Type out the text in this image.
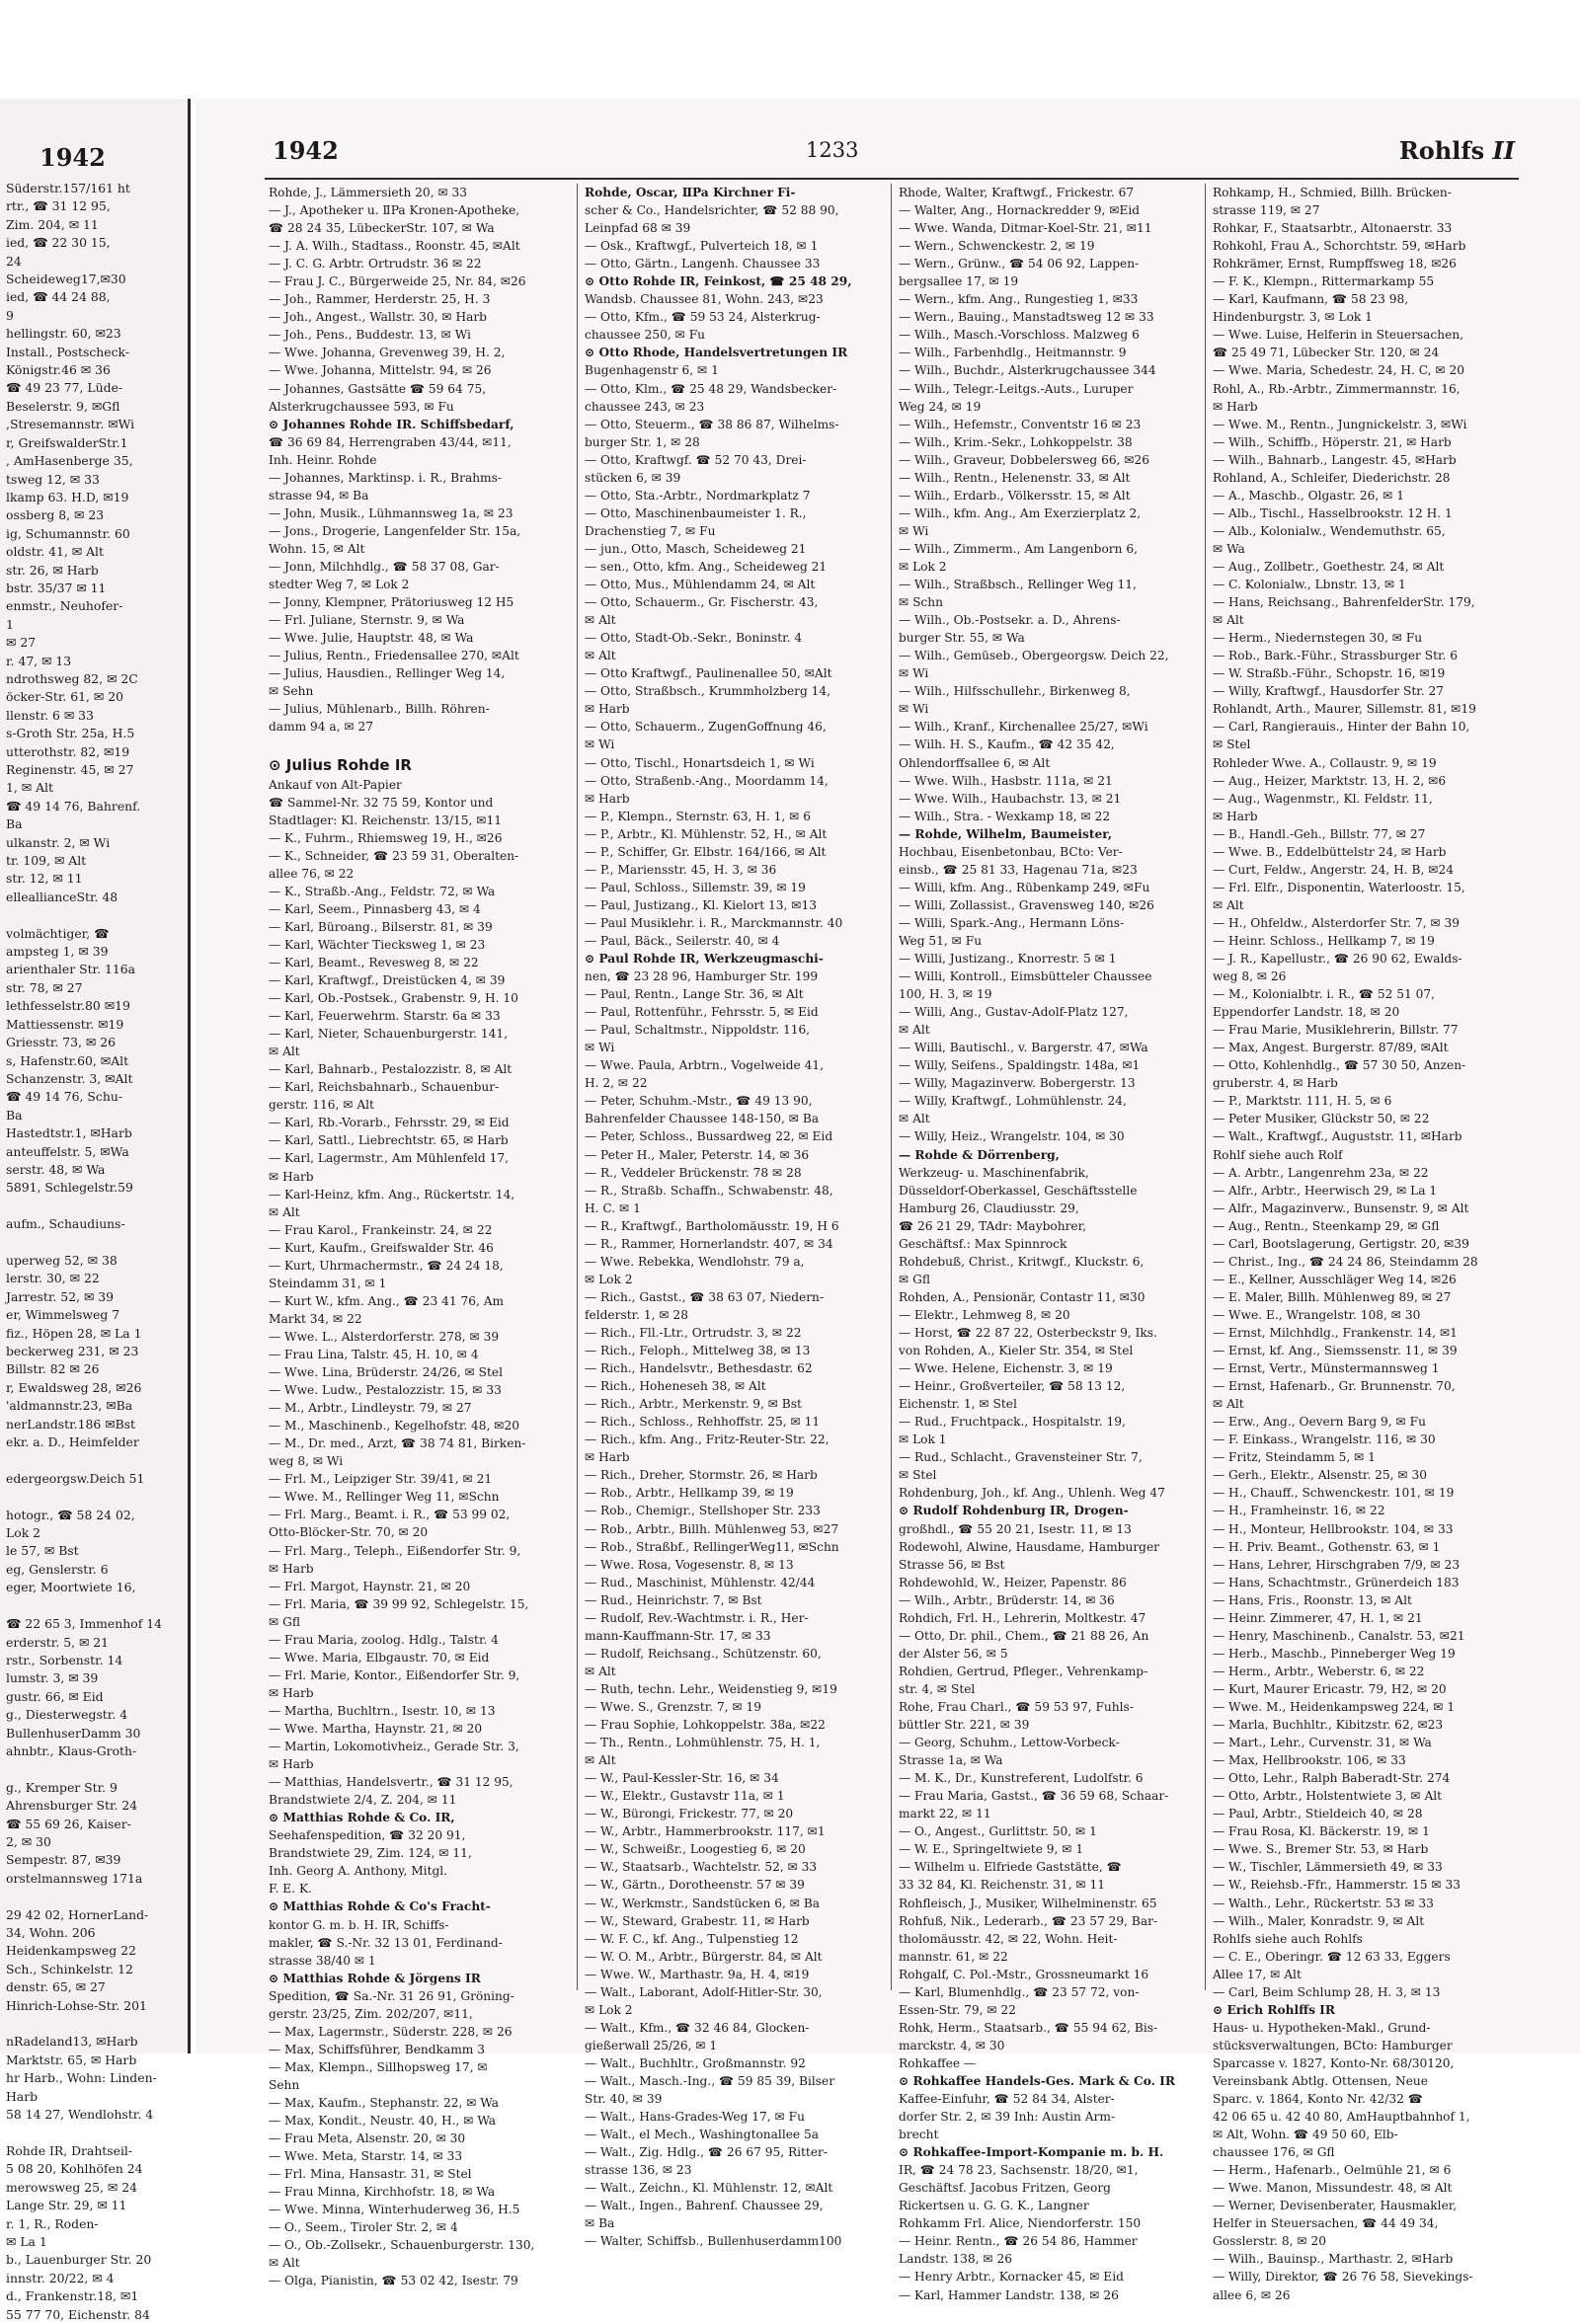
1942
Süderstr.157/161 ht
rtr., ☎ 31 12 95,
Zim. 204, ✉ 11
ied, ☎ 22 30 15,
24
Scheideweg17,✉30
ied, ☎ 44 24 88,
9
hellingstr. 60, ✉23
Install., Postscheck-
Königstr.46 ✉ 36
☎ 49 23 77, Lüde-
Beselerstr. 9, ✉Gfl
,Stresemannstr. ✉Wi
r, GreifswalderStr.1
, AmHasenberge 35,
tsweg 12, ✉ 33
lkamp 63. H.D, ✉19
ossberg 8, ✉ 23
ig, Schumannstr. 60
oldstr. 41, ✉ Alt
str. 26, ✉ Harb
bstr. 35/37 ✉ 11
enmstr., Neuhofer-
1
✉ 27
r. 47, ✉ 13
ndrothsweg 82, ✉ 2C
öcker-Str. 61, ✉ 20
llenstr. 6 ✉ 33
s-Groth Str. 25a, H.5
utterothstr. 82, ✉19
Reginenstr. 45, ✉ 27
1, ✉ Alt
☎ 49 14 76, Bahrenf.
Ba
ulkanstr. 2, ✉ Wi
tr. 109, ✉ Alt
str. 12, ✉ 11
elleallianceStr. 48

volmächtiger, ☎
ampsteg 1, ✉ 39
arienthaler Str. 116a
str. 78, ✉ 27
lethfesselstr.80 ✉19
Mattiessenstr. ✉19
Griesstr. 73, ✉ 26
s, Hafenstr.60, ✉Alt
Schanzenstr. 3, ✉Alt
☎ 49 14 76, Schu-
Ba
Hastedtstr.1, ✉Harb
anteuffelstr. 5, ✉Wa
serstr. 48, ✉ Wa
5891, Schlegelstr.59

aufm., Schaudiuns-

uperweg 52, ✉ 38
lerstr. 30, ✉ 22
Jarrestr. 52, ✉ 39
er, Wimmelsweg 7
fiz., Höpen 28, ✉ La 1
beckerweg 231, ✉ 23
Billstr. 82 ✉ 26
r, Ewaldsweg 28, ✉26
'aldmannstr.23, ✉Ba
nerLandstr.186 ✉Bst
ekr. a. D., Heimfelder

edergeorgsw.Deich 51

hotogr., ☎ 58 24 02,
Lok 2
le 57, ✉ Bst
eg, Genslerstr. 6
eger, Moortwiete 16,

☎ 22 65 3, Immenhof 14
erderstr. 5, ✉ 21
rstr., Sorbenstr. 14
lumstr. 3, ✉ 39
gustr. 66, ✉ Eid
g., Diesterwegstr. 4
BullenhuserDamm 30
ahnbtr., Klaus-Groth-

g., Kremper Str. 9
Ahrensburger Str. 24
☎ 55 69 26, Kaiser-
2, ✉ 30
Sempestr. 87, ✉39
orstelmannsweg 171a

29 42 02, HornerLand-
34, Wohn. 206
Heidenkampsweg 22
Sch., Schinkelstr. 12
denstr. 65, ✉ 27
Hinrich-Lohse-Str. 201

nRadeland13, ✉Harb
Marktstr. 65, ✉ Harb
hr Harb., Wohn: Linden-
Harb
58 14 27, Wendlohstr. 4

Rohde IR, Drahtseil-
5 08 20, Kohlhöfen 24
merowsweg 25, ✉ 24
Lange Str. 29, ✉ 11
r. 1, R., Roden-
✉ La 1
b., Lauenburger Str. 20
innstr. 20/22, ✉ 4
d., Frankenstr.18, ✉1
55 77 70, Eichenstr. 84
1942	1233	Rohlfs II
Rohde, J., Lämmersieth 20, ✉ 33
— J., Apotheker u. ⅡPa Kronen-Apotheke,
☎ 28 24 35, LübeckerStr. 107, ✉ Wa
— J. A. Wilh., Stadtass., Roonstr. 45, ✉Alt
— J. C. G. Arbtr. Ortrudstr. 36 ✉ 22
— Frau J. C., Bürgerweide 25, Nr. 84, ✉26
— Joh., Rammer, Herderstr. 25, H. 3
— Joh., Angest., Wallstr. 30, ✉ Harb
— Joh., Pens., Buddestr. 13, ✉ Wi
— Wwe. Johanna, Grevenweg 39, H. 2,
— Wwe. Johanna, Mittelstr. 94, ✉ 26
— Johannes, Gastsätte ☎ 59 64 75,
Alsterkrugchaussee 593, ✉ Fu
⊙ Johannes Rohde IR. Schiffsbedarf,
☎ 36 69 84, Herrengraben 43/44, ✉11,
Inh. Heinr. Rohde
— Johannes, Marktinsp. i. R., Brahms-
strasse 94, ✉ Ba
— John, Musik., Lühmannsweg 1a, ✉ 23
— Jons., Drogerie, Langenfelder Str. 15a,
Wohn. 15, ✉ Alt
— Jonn, Milchhdlg., ☎ 58 37 08, Gar-
stedter Weg 7, ✉ Lok 2
— Jonny, Klempner, Prätoriusweg 12 H5
— Frl. Juliane, Sternstr. 9, ✉ Wa
— Wwe. Julie, Hauptstr. 48, ✉ Wa
— Julius, Rentn., Friedensallee 270, ✉Alt
— Julius, Hausdien., Rellinger Weg 14,
✉ Sehn
— Julius, Mühlenarb., Billh. Röhren-
damm 94 a, ✉ 27

⊙ Julius Rohde IR
Ankauf von Alt-Papier
☎ Sammel-Nr. 32 75 59, Kontor und
Stadtlager: Kl. Reichenstr. 13/15, ✉11
— K., Fuhrm., Rhiemsweg 19, H., ✉26
— K., Schneider, ☎ 23 59 31, Oberalten-
allee 76, ✉ 22
— K., Straßb.-Ang., Feldstr. 72, ✉ Wa
— Karl, Seem., Pinnasberg 43, ✉ 4
— Karl, Büroang., Bilserstr. 81, ✉ 39
— Karl, Wächter Tiecksweg 1, ✉ 23
— Karl, Beamt., Revesweg 8, ✉ 22
— Karl, Kraftwgf., Dreistücken 4, ✉ 39
— Karl, Ob.-Postsek., Grabenstr. 9, H. 10
— Karl, Feuerwehrm. Starstr. 6a ✉ 33
— Karl, Nieter, Schauenburgerstr. 141,
✉ Alt
— Karl, Bahnarb., Pestalozzistr. 8, ✉ Alt
— Karl, Reichsbahnarb., Schauenbur-
gerstr. 116, ✉ Alt
— Karl, Rb.-Vorarb., Fehrsstr. 29, ✉ Eid
— Karl, Sattl., Liebrechtstr. 65, ✉ Harb
— Karl, Lagermstr., Am Mühlenfeld 17,
✉ Harb
— Karl-Heinz, kfm. Ang., Rückertstr. 14,
✉ Alt
— Frau Karol., Frankeinstr. 24, ✉ 22
— Kurt, Kaufm., Greifswalder Str. 46
— Kurt, Uhrmachermstr., ☎ 24 24 18,
Steindamm 31, ✉ 1
— Kurt W., kfm. Ang., ☎ 23 41 76, Am
Markt 34, ✉ 22
— Wwe. L., Alsterdorferstr. 278, ✉ 39
— Frau Lina, Talstr. 45, H. 10, ✉ 4
— Wwe. Lina, Brüderstr. 24/26, ✉ Stel
— Wwe. Ludw., Pestalozzistr. 15, ✉ 33
— M., Arbtr., Lindleystr. 79, ✉ 27
— M., Maschinenb., Kegelhofstr. 48, ✉20
— M., Dr. med., Arzt, ☎ 38 74 81, Birken-
weg 8, ✉ Wi
— Frl. M., Leipziger Str. 39/41, ✉ 21
— Wwe. M., Rellinger Weg 11, ✉Schn
— Frl. Marg., Beamt. i. R., ☎ 53 99 02,
Otto-Blöcker-Str. 70, ✉ 20
— Frl. Marg., Teleph., Eißendorfer Str. 9,
✉ Harb
— Frl. Margot, Haynstr. 21, ✉ 20
— Frl. Maria, ☎ 39 99 92, Schlegelstr. 15,
✉ Gfl
— Frau Maria, zoolog. Hdlg., Talstr. 4
— Wwe. Maria, Elbgaustr. 70, ✉ Eid
— Frl. Marie, Kontor., Eißendorfer Str. 9,
✉ Harb
— Martha, Buchltrn., Isestr. 10, ✉ 13
— Wwe. Martha, Haynstr. 21, ✉ 20
— Martin, Lokomotivheiz., Gerade Str. 3,
✉ Harb
— Matthias, Handelsvertr., ☎ 31 12 95,
Brandstwiete 2/4, Z. 204, ✉ 11
⊙ Matthias Rohde & Co. IR,
Seehafenspedition, ☎ 32 20 91,
Brandstwiete 29, Zim. 124, ✉ 11,
Inh. Georg A. Anthony, Mitgl.
F. E. K.
⊙ Matthias Rohde & Co's Fracht-
kontor G. m. b. H. IR, Schiffs-
makler, ☎ S.-Nr. 32 13 01, Ferdinand-
strasse 38/40 ✉ 1
⊙ Matthias Rohde & Jörgens IR
Spedition, ☎ Sa.-Nr. 31 26 91, Gröning-
gerstr. 23/25, Zim. 202/207, ✉11,
— Max, Lagermstr., Süderstr. 228, ✉ 26
— Max, Schiffsführer, Bendkamm 3
— Max, Klempn., Sillhopsweg 17, ✉
Sehn
— Max, Kaufm., Stephanstr. 22, ✉ Wa
— Max, Kondit., Neustr. 40, H., ✉ Wa
— Frau Meta, Alsenstr. 20, ✉ 30
— Wwe. Meta, Starstr. 14, ✉ 33
— Frl. Mina, Hansastr. 31, ✉ Stel
— Frau Minna, Kirchhofstr. 18, ✉ Wa
— Wwe. Minna, Winterhuderweg 36, H.5
— O., Seem., Tiroler Str. 2, ✉ 4
— O., Ob.-Zollsekr., Schauenburgerstr. 130,
✉ Alt
— Olga, Pianistin, ☎ 53 02 42, Isestr. 79
Rohde, Oscar, ⅡPa Kirchner Fi-
scher & Co., Handelsrichter, ☎ 52 88 90,
Leinpfad 68 ✉ 39
— Osk., Kraftwgf., Pulverteich 18, ✉ 1
— Otto, Gärtn., Langenh. Chaussee 33
⊙ Otto Rohde IR, Feinkost, ☎ 25 48 29,
Wandsb. Chaussee 81, Wohn. 243, ✉23
— Otto, Kfm., ☎ 59 53 24, Alsterkrug-
chaussee 250, ✉ Fu
⊙ Otto Rhode, Handelsvertretungen IR
Bugenhagenstr 6, ✉ 1
— Otto, Klm., ☎ 25 48 29, Wandsbecker-
chaussee 243, ✉ 23
— Otto, Steuerm., ☎ 38 86 87, Wilhelms-
burger Str. 1, ✉ 28
— Otto, Kraftwgf. ☎ 52 70 43, Drei-
stücken 6, ✉ 39
— Otto, Sta.-Arbtr., Nordmarkplatz 7
— Otto, Maschinenbaumeister 1. R.,
Drachenstieg 7, ✉ Fu
— jun., Otto, Masch, Scheideweg 21
— sen., Otto, kfm. Ang., Scheideweg 21
— Otto, Mus., Mühlendamm 24, ✉ Alt
— Otto, Schauerm., Gr. Fischerstr. 43,
✉ Alt
— Otto, Stadt-Ob.-Sekr., Boninstr. 4
✉ Alt
— Otto Kraftwgf., Paulinenallee 50, ✉Alt
— Otto, Straßbsch., Krummholzberg 14,
✉ Harb
— Otto, Schauerm., ZugenGoffnung 46,
✉ Wi
— Otto, Tischl., Honartsdeich 1, ✉ Wi
— Otto, Straßenb.-Ang., Moordamm 14,
✉ Harb
— P., Klempn., Sternstr. 63, H. 1, ✉ 6
— P., Arbtr., Kl. Mühlenstr. 52, H., ✉ Alt
— P., Schiffer, Gr. Elbstr. 164/166, ✉ Alt
— P., Mariensstr. 45, H. 3, ✉ 36
— Paul, Schloss., Sillemstr. 39, ✉ 19
— Paul, Justizang., Kl. Kielort 13, ✉13
— Paul Musiklehr. i. R., Marckmannstr. 40
— Paul, Bäck., Seilerstr. 40, ✉ 4
⊙ Paul Rohde IR, Werkzeugmaschi-
nen, ☎ 23 28 96, Hamburger Str. 199
— Paul, Rentn., Lange Str. 36, ✉ Alt
— Paul, Rottenführ., Fehrsstr. 5, ✉ Eid
— Paul, Schaltmstr., Nippoldstr. 116,
✉ Wi
— Wwe. Paula, Arbtrn., Vogelweide 41,
H. 2, ✉ 22
— Peter, Schuhm.-Mstr., ☎ 49 13 90,
Bahrenfelder Chaussee 148-150, ✉ Ba
— Peter, Schloss., Bussardweg 22, ✉ Eid
— Peter H., Maler, Peterstr. 14, ✉ 36
— R., Veddeler Brückenstr. 78 ✉ 28
— R., Straßb. Schaffn., Schwabenstr. 48,
H. C. ✉ 1
— R., Kraftwgf., Bartholomäusstr. 19, H 6
— R., Rammer, Hornerlandstr. 407, ✉ 34
— Wwe. Rebekka, Wendlohstr. 79 a,
✉ Lok 2
— Rich., Gastst., ☎ 38 63 07, Niedern-
felderstr. 1, ✉ 28
— Rich., Fll.-Ltr., Ortrudstr. 3, ✉ 22
— Rich., Feloph., Mittelweg 38, ✉ 13
— Rich., Handelsvtr., Bethesdastr. 62
— Rich., Hoheneseh 38, ✉ Alt
— Rich., Arbtr., Merkenstr. 9, ✉ Bst
— Rich., Schloss., Rehhoffstr. 25, ✉ 11
— Rich., kfm. Ang., Fritz-Reuter-Str. 22,
✉ Harb
— Rich., Dreher, Stormstr. 26, ✉ Harb
— Rob., Arbtr., Hellkamp 39, ✉ 19
— Rob., Chemigr., Stellshoper Str. 233
— Rob., Arbtr., Billh. Mühlenweg 53, ✉27
— Rob., Straßbf., RellingerWeg11, ✉Schn
— Wwe. Rosa, Vogesenstr. 8, ✉ 13
— Rud., Maschinist, Mühlenstr. 42/44
— Rud., Heinrichstr. 7, ✉ Bst
— Rudolf, Rev.-Wachtmstr. i. R., Her-
mann-Kauffmann-Str. 17, ✉ 33
— Rudolf, Reichsang., Schützenstr. 60,
✉ Alt
— Ruth, techn. Lehr., Weidenstieg 9, ✉19
— Wwe. S., Grenzstr. 7, ✉ 19
— Frau Sophie, Lohkoppelstr. 38a, ✉22
— Th., Rentn., Lohmühlenstr. 75, H. 1,
✉ Alt
— W., Paul-Kessler-Str. 16, ✉ 34
— W., Elektr., Gustavstr 11a, ✉ 1
— W., Bürongi, Frickestr. 77, ✉ 20
— W., Arbtr., Hammerbrookstr. 117, ✉1
— W., Schweißr., Loogestieg 6, ✉ 20
— W., Staatsarb., Wachtelstr. 52, ✉ 33
— W., Gärtn., Dorotheenstr. 57 ✉ 39
— W., Werkmstr., Sandstücken 6, ✉ Ba
— W., Steward, Grabestr. 11, ✉ Harb
— W. F. C., kf. Ang., Tulpenstieg 12
— W. O. M., Arbtr., Bürgerstr. 84, ✉ Alt
— Wwe. W., Marthastr. 9a, H. 4, ✉19
— Walt., Laborant, Adolf-Hitler-Str. 30,
✉ Lok 2
— Walt., Kfm., ☎ 32 46 84, Glocken-
gießerwall 25/26, ✉ 1
— Walt., Buchhltr., Großmannstr. 92
— Walt., Masch.-Ing., ☎ 59 85 39, Bilser
Str. 40, ✉ 39
— Walt., Hans-Grades-Weg 17, ✉ Fu
— Walt., el Mech., Washingtonallee 5a
— Walt., Zig. Hdlg., ☎ 26 67 95, Ritter-
strasse 136, ✉ 23
— Walt., Zeichn., Kl. Mühlenstr. 12, ✉Alt
— Walt., Ingen., Bahrenf. Chaussee 29,
✉ Ba
— Walter, Schiffsb., Bullenhuserdamm100
Rhode, Walter, Kraftwgf., Frickestr. 67
— Walter, Ang., Hornackredder 9, ✉Eid
— Wwe. Wanda, Ditmar-Koel-Str. 21, ✉11
— Wern., Schwenckestr. 2, ✉ 19
— Wern., Grünw., ☎ 54 06 92, Lappen-
bergsallee 17, ✉ 19
— Wern., kfm. Ang., Rungestieg 1, ✉33
— Wern., Bauing., Manstadtsweg 12 ✉ 33
— Wilh., Masch.-Vorschloss. Malzweg 6
— Wilh., Farbenhdlg., Heitmannstr. 9
— Wilh., Buchdr., Alsterkrugchaussee 344
— Wilh., Telegr.-Leitgs.-Auts., Luruper
Weg 24, ✉ 19
— Wilh., Hefemstr., Conventstr 16 ✉ 23
— Wilh., Krim.-Sekr., Lohkoppelstr. 38
— Wilh., Graveur, Dobbelersweg 66, ✉26
— Wilh., Rentn., Helenenstr. 33, ✉ Alt
— Wilh., Erdarb., Völkersstr. 15, ✉ Alt
— Wilh., kfm. Ang., Am Exerzierplatz 2,
✉ Wi
— Wilh., Zimmerm., Am Langenborn 6,
✉ Lok 2
— Wilh., Straßbsch., Rellinger Weg 11,
✉ Schn
— Wilh., Ob.-Postsekr. a. D., Ahrens-
burger Str. 55, ✉ Wa
— Wilh., Gemüseb., Obergeorgsw. Deich 22,
✉ Wi
— Wilh., Hilfsschullehr., Birkenweg 8,
✉ Wi
— Wilh., Kranf., Kirchenallee 25/27, ✉Wi
— Wilh. H. S., Kaufm., ☎ 42 35 42,
Ohlendorffsallee 6, ✉ Alt
— Wwe. Wilh., Hasbstr. 111a, ✉ 21
— Wwe. Wilh., Haubachstr. 13, ✉ 21
— Wilh., Stra. - Wexkamp 18, ✉ 22
— Rohde, Wilhelm, Baumeister,
Hochbau, Eisenbetonbau, BCto: Ver-
einsb., ☎ 25 81 33, Hagenau 71a, ✉23
— Willi, kfm. Ang., Rübenkamp 249, ✉Fu
— Willi, Zollassist., Gravensweg 140, ✉26
— Willi, Spark.-Ang., Hermann Löns-
Weg 51, ✉ Fu
— Willi, Justizang., Knorrestr. 5 ✉ 1
— Willi, Kontroll., Eimsbütteler Chaussee
100, H. 3, ✉ 19
— Willi, Ang., Gustav-Adolf-Platz 127,
✉ Alt
— Willi, Bautischl., v. Bargerstr. 47, ✉Wa
— Willy, Seifens., Spaldingstr. 148a, ✉1
— Willy, Magazinverw. Bobergerstr. 13
— Willy, Kraftwgf., Lohmühlenstr. 24,
✉ Alt
— Willy, Heiz., Wrangelstr. 104, ✉ 30
— Rohde & Dörrenberg,
Werkzeug- u. Maschinenfabrik,
Düsseldorf-Oberkassel, Geschäftsstelle
Hamburg 26, Claudiusstr. 29,
☎ 26 21 29, TAdr: Maybohrer,
Geschäftsf.: Max Spinnrock
Rohdebuß, Christ., Kritwgf., Kluckstr. 6,
✉ Gfl
Rohden, A., Pensionär, Contastr 11, ✉30
— Elektr., Lehmweg 8, ✉ 20
— Horst, ☎ 22 87 22, Osterbeckstr 9, Iks.
von Rohden, A., Kieler Str. 354, ✉ Stel
— Wwe. Helene, Eichenstr. 3, ✉ 19
— Heinr., Großverteiler, ☎ 58 13 12,
Eichenstr. 1, ✉ Stel
— Rud., Fruchtpack., Hospitalstr. 19,
✉ Lok 1
— Rud., Schlacht., Gravensteiner Str. 7,
✉ Stel
Rohdenburg, Joh., kf. Ang., Uhlenh. Weg 47
⊙ Rudolf Rohdenburg IR, Drogen-
großhdl., ☎ 55 20 21, Isestr. 11, ✉ 13
Rodewohl, Alwine, Hausdame, Hamburger
Strasse 56, ✉ Bst
Rohdewohld, W., Heizer, Papenstr. 86
— Wilh., Arbtr., Brüderstr. 14, ✉ 36
Rohdich, Frl. H., Lehrerin, Moltkestr. 47
— Otto, Dr. phil., Chem., ☎ 21 88 26, An
der Alster 56, ✉ 5
Rohdien, Gertrud, Pfleger., Vehrenkamp-
str. 4, ✉ Stel
Rohe, Frau Charl., ☎ 59 53 97, Fuhls-
büttler Str. 221, ✉ 39
— Georg, Schuhm., Lettow-Vorbeck-
Strasse 1a, ✉ Wa
— M. K., Dr., Kunstreferent, Ludolfstr. 6
— Frau Maria, Gastst., ☎ 36 59 68, Schaar-
markt 22, ✉ 11
— O., Angest., Gurlittstr. 50, ✉ 1
— W. E., Springeltwiete 9, ✉ 1
— Wilhelm u. Elfriede Gaststätte, ☎
33 32 84, Kl. Reichenstr. 31, ✉ 11
Rohfleisch, J., Musiker, Wilhelminenstr. 65
Rohfuß, Nik., Lederarb., ☎ 23 57 29, Bar-
tholomäusstr. 42, ✉ 22, Wohn. Heit-
mannstr. 61, ✉ 22
Rohgalf, C. Pol.-Mstr., Grossneumarkt 16
— Karl, Blumenhdlg., ☎ 23 57 72, von-
Essen-Str. 79, ✉ 22
Rohk, Herm., Staatsarb., ☎ 55 94 62, Bis-
marckstr. 4, ✉ 30
Rohkaffee —
⊙ Rohkaffee Handels-Ges. Mark & Co. IR
Kaffee-Einfuhr, ☎ 52 84 34, Alster-
dorfer Str. 2, ✉ 39 Inh: Austin Arm-
brecht
⊙ Rohkaffee-Import-Kompanie m. b. H.
IR, ☎ 24 78 23, Sachsenstr. 18/20, ✉1,
Geschäftsf. Jacobus Fritzen, Georg
Rickertsen u. G. G. K., Langner
Rohkamm Frl. Alice, Niendorferstr. 150
— Heinr. Rentn., ☎ 26 54 86, Hammer
Landstr. 138, ✉ 26
— Henry Arbtr., Kornacker 45, ✉ Eid
— Karl, Hammer Landstr. 138, ✉ 26
Rohkamp, H., Schmied, Billh. Brücken-
strasse 119, ✉ 27
Rohkar, F., Staatsarbtr., Altonaerstr. 33
Rohkohl, Frau A., Schorchtstr. 59, ✉Harb
Rohkrämer, Ernst, Rumpffsweg 18, ✉26
— F. K., Klempn., Rittermarkamp 55
— Karl, Kaufmann, ☎ 58 23 98,
Hindenburgstr. 3, ✉ Lok 1
— Wwe. Luise, Helferin in Steuersachen,
☎ 25 49 71, Lübecker Str. 120, ✉ 24
— Wwe. Maria, Schedestr. 24, H. C, ✉ 20
Rohl, A., Rb.-Arbtr., Zimmermannstr. 16,
✉ Harb
— Wwe. M., Rentn., Jungnickelstr. 3, ✉Wi
— Wilh., Schiffb., Höperstr. 21, ✉ Harb
— Wilh., Bahnarb., Langestr. 45, ✉Harb
Rohland, A., Schleifer, Diederichstr. 28
— A., Maschb., Olgastr. 26, ✉ 1
— Alb., Tischl., Hasselbrookstr. 12 H. 1
— Alb., Kolonialw., Wendemuthstr. 65,
✉ Wa
— Aug., Zollbetr., Goethestr. 24, ✉ Alt
— C. Kolonialw., Lbnstr. 13, ✉ 1
— Hans, Reichsang., BahrenfelderStr. 179,
✉ Alt
— Herm., Niedernstegen 30, ✉ Fu
— Rob., Bark.-Führ., Strassburger Str. 6
— W. Straßb.-Führ., Schopstr. 16, ✉19
— Willy, Kraftwgf., Hausdorfer Str. 27
Rohlandt, Arth., Maurer, Sillemstr. 81, ✉19
— Carl, Rangierauis., Hinter der Bahn 10,
✉ Stel
Rohleder Wwe. A., Collaustr. 9, ✉ 19
— Aug., Heizer, Marktstr. 13, H. 2, ✉6
— Aug., Wagenmstr., Kl. Feldstr. 11,
✉ Harb
— B., Handl.-Geh., Billstr. 77, ✉ 27
— Wwe. B., Eddelbüttelstr 24, ✉ Harb
— Curt, Feldw., Angerstr. 24, H. B, ✉24
— Frl. Elfr., Disponentin, Waterloostr. 15,
✉ Alt
— H., Ohfeldw., Alsterdorfer Str. 7, ✉ 39
— Heinr. Schloss., Hellkamp 7, ✉ 19
— J. R., Kapellustr., ☎ 26 90 62, Ewalds-
weg 8, ✉ 26
— M., Kolonialbtr. i. R., ☎ 52 51 07,
Eppendorfer Landstr. 18, ✉ 20
— Frau Marie, Musiklehrerin, Billstr. 77
— Max, Angest. Burgerstr. 87/89, ✉Alt
— Otto, Kohlenhdlg., ☎ 57 30 50, Anzen-
gruberstr. 4, ✉ Harb
— P., Marktstr. 111, H. 5, ✉ 6
— Peter Musiker, Glückstr 50, ✉ 22
— Walt., Kraftwgf., Auguststr. 11, ✉Harb
Rohlf siehe auch Rolf
— A. Arbtr., Langenrehm 23a, ✉ 22
— Alfr., Arbtr., Heerwisch 29, ✉ La 1
— Alfr., Magazinverw., Bunsenstr. 9, ✉ Alt
— Aug., Rentn., Steenkamp 29, ✉ Gfl
— Carl, Bootslagerung, Gertigstr. 20, ✉39
— Christ., Ing., ☎ 24 24 86, Steindamm 28
— E., Kellner, Ausschläger Weg 14, ✉26
— E. Maler, Billh. Mühlenweg 89, ✉ 27
— Wwe. E., Wrangelstr. 108, ✉ 30
— Ernst, Milchhdlg., Frankenstr. 14, ✉1
— Ernst, kf. Ang., Siemssenstr. 11, ✉ 39
— Ernst, Vertr., Münstermannsweg 1
— Ernst, Hafenarb., Gr. Brunnenstr. 70,
✉ Alt
— Erw., Ang., Oevern Barg 9, ✉ Fu
— F. Einkass., Wrangelstr. 116, ✉ 30
— Fritz, Steindamm 5, ✉ 1
— Gerh., Elektr., Alsenstr. 25, ✉ 30
— H., Chauff., Schwenckestr. 101, ✉ 19
— H., Framheinstr. 16, ✉ 22
— H., Monteur, Hellbrookstr. 104, ✉ 33
— H. Priv. Beamt., Gothenstr. 63, ✉ 1
— Hans, Lehrer, Hirschgraben 7/9, ✉ 23
— Hans, Schachtmstr., Grünerdeich 183
— Hans, Fris., Roonstr. 13, ✉ Alt
— Heinr. Zimmerer, 47, H. 1, ✉ 21
— Henry, Maschinenb., Canalstr. 53, ✉21
— Herb., Maschb., Pinneberger Weg 19
— Herm., Arbtr., Weberstr. 6, ✉ 22
— Kurt, Maurer Ericastr. 79, H2, ✉ 20
— Wwe. M., Heidenkampsweg 224, ✉ 1
— Marla, Buchhltr., Kibitzstr. 62, ✉23
— Mart., Lehr., Curvenstr. 31, ✉ Wa
— Max, Hellbrookstr. 106, ✉ 33
— Otto, Lehr., Ralph Baberadt-Str. 274
— Otto, Arbtr., Holstentwiete 3, ✉ Alt
— Paul, Arbtr., Stieldeich 40, ✉ 28
— Frau Rosa, Kl. Bäckerstr. 19, ✉ 1
— Wwe. S., Bremer Str. 53, ✉ Harb
— W., Tischler, Lämmersieth 49, ✉ 33
— W., Reiehsb.-Ffr., Hammerstr. 15 ✉ 33
— Walth., Lehr., Rückertstr. 53 ✉ 33
— Wilh., Maler, Konradstr. 9, ✉ Alt
Rohlfs siehe auch Rohlfs
— C. E., Oberingr. ☎ 12 63 33, Eggers
Allee 17, ✉ Alt
— Carl, Beim Schlump 28, H. 3, ✉ 13
⊙ Erich Rohlffs IR
Haus- u. Hypotheken-Makl., Grund-
stücksverwaltungen, BCto: Hamburger
Sparcasse v. 1827, Konto-Nr. 68/30120,
Vereinsbank Abtlg. Ottensen, Neue
Sparc. v. 1864, Konto Nr. 42/32 ☎
42 06 65 u. 42 40 80, AmHauptbahnhof 1,
✉ Alt, Wohn. ☎ 49 50 60, Elb-
chaussee 176, ✉ Gfl
— Herm., Hafenarb., Oelmühle 21, ✉ 6
— Wwe. Manon, Missundestr. 48, ✉ Alt
— Werner, Devisenberater, Hausmakler,
Helfer in Steuersachen, ☎ 44 49 34,
Gosslerstr. 8, ✉ 20
— Wilh., Bauinsp., Marthastr. 2, ✉Harb
— Willy, Direktor, ☎ 26 76 58, Sievekings-
allee 6, ✉ 26
